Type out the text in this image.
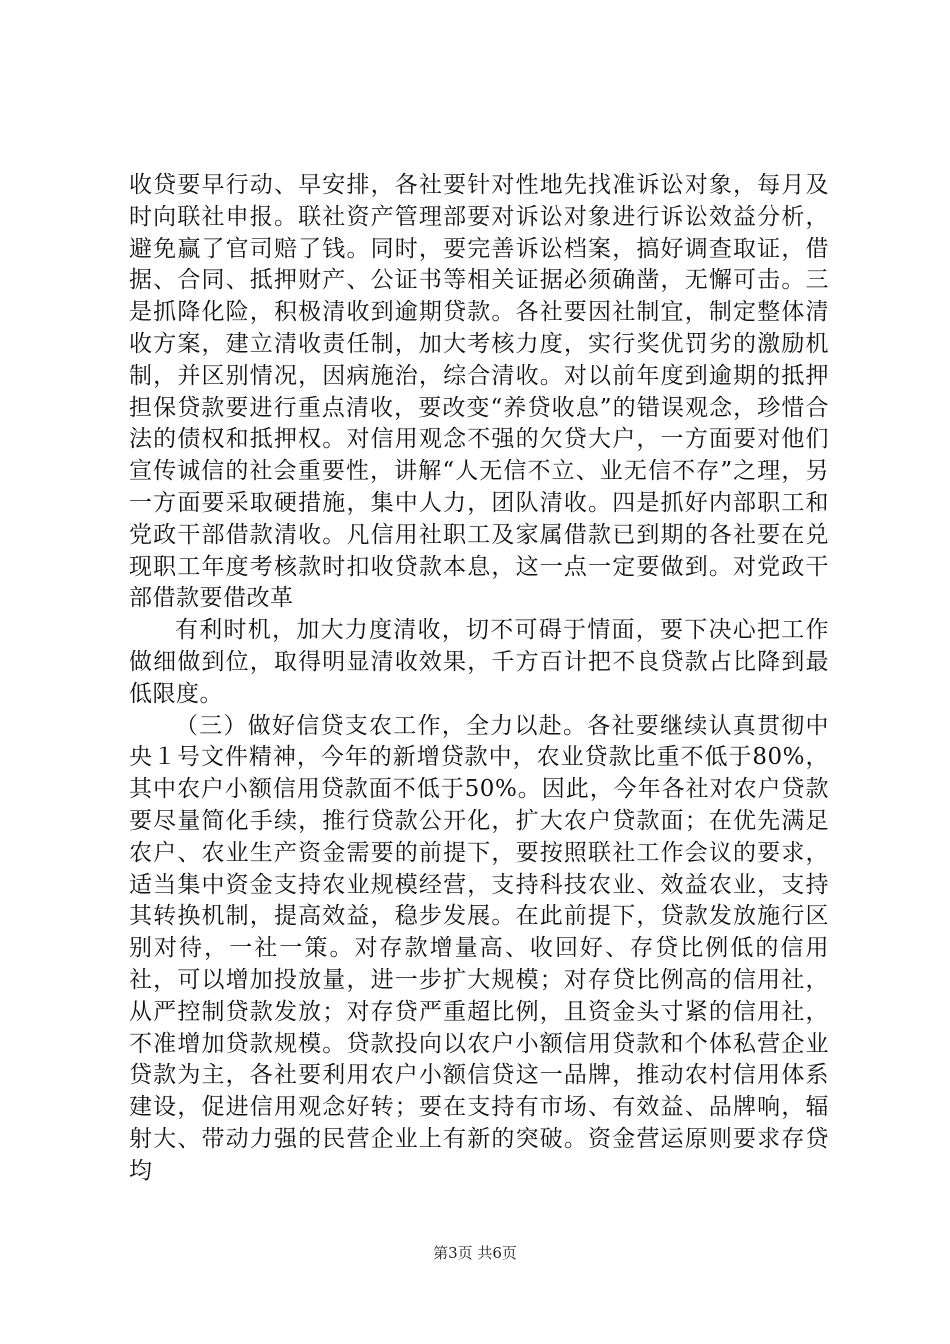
收贷要早行动、早安排，各社要针对性地先找准诉讼对象，每月及时向联社申报。联社资产管理部要对诉讼对象进行诉讼效益分析，避免赢了官司赔了钱。同时，要完善诉讼档案，搞好调查取证，借据、合同、抵押财产、公证书等相关证据必须确凿，无懈可击。三是抓降化险，积极清收到逾期贷款。各社要因社制宜，制定整体清收方案，建立清收责任制，加大考核力度，实行奖优罚劣的激励机制，并区别情况，因病施治，综合清收。对以前年度到逾期的抵押担保贷款要进行重点清收，要改变“养贷收息”的错误观念，珍惜合法的债权和抵押权。对信用观念不强的欠贷大户，一方面要对他们宣传诚信的社会重要性，讲解“人无信不立、业无信不存”之理，另一方面要采取硬措施，集中人力，团队清收。四是抓好内部职工和党政干部借款清收。凡信用社职工及家属借款已到期的各社要在兑现职工年度考核款时扣收贷款本息，这一点一定要做到。对党政干部借款要借改革

有利时机，加大力度清收，切不可碍于情面，要下决心把工作做细做到位，取得明显清收效果，千方百计把不良贷款占比降到最低限度。

（三）做好信贷支农工作，全力以赴。各社要继续认真贯彻中央１号文件精神，今年的新增贷款中，农业贷款比重不低于80%，其中农户小额信用贷款面不低于50%。因此，今年各社对农户贷款要尽量简化手续，推行贷款公开化，扩大农户贷款面；在优先满足农户、农业生产资金需要的前提下，要按照联社工作会议的要求，适当集中资金支持农业规模经营，支持科技农业、效益农业，支持其转换机制，提高效益，稳步发展。在此前提下，贷款发放施行区别对待，一社一策。对存款增量高、收回好、存贷比例低的信用社，可以增加投放量，进一步扩大规模；对存贷比例高的信用社，从严控制贷款发放；对存贷严重超比例，且资金头寸紧的信用社，不准增加贷款规模。贷款投向以农户小额信用贷款和个体私营企业贷款为主，各社要利用农户小额信贷这一品牌，推动农村信用体系建设，促进信用观念好转；要在支持有市场、有效益、品牌响，辐射大、带动力强的民营企业上有新的突破。资金营运原则要求存贷均

第3页 共6页
